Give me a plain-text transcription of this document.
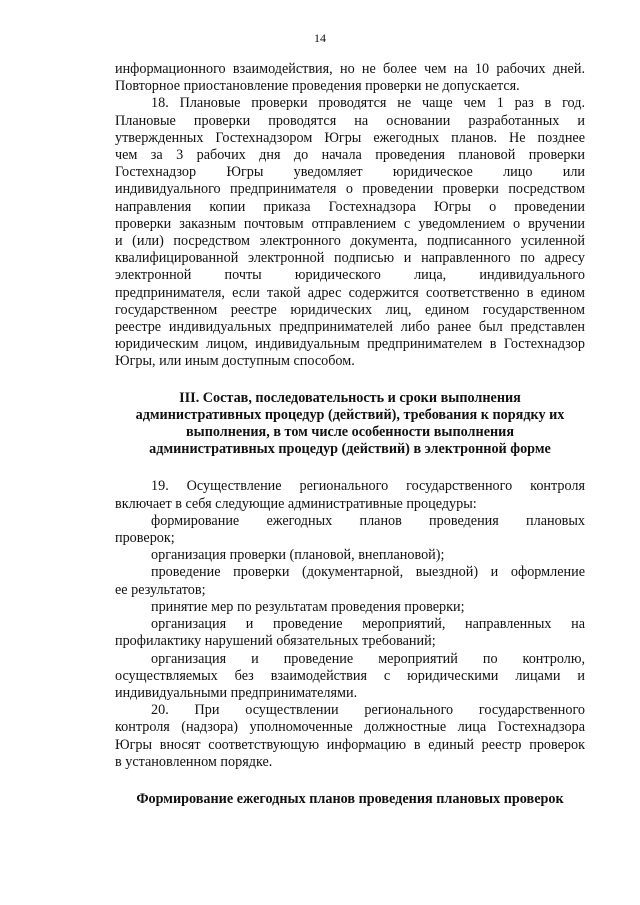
14
информационного взаимодействия, но не более чем на 10 рабочих дней.
Повторное приостановление проведения проверки не допускается.
18. Плановые проверки проводятся не чаще чем 1 раз в год.
Плановые проверки проводятся на основании разработанных и
утвержденных Гостехнадзором Югры ежегодных планов. Не позднее
чем за 3 рабочих дня до начала проведения плановой проверки
Гостехнадзор Югры уведомляет юридическое лицо или
индивидуального предпринимателя о проведении проверки посредством
направления копии приказа Гостехнадзора Югры о проведении
проверки заказным почтовым отправлением с уведомлением о вручении
и (или) посредством электронного документа, подписанного усиленной
квалифицированной электронной подписью и направленного по адресу
электронной почты юридического лица, индивидуального
предпринимателя, если такой адрес содержится соответственно в едином
государственном реестре юридических лиц, едином государственном
реестре индивидуальных предпринимателей либо ранее был представлен
юридическим лицом, индивидуальным предпринимателем в Гостехнадзор
Югры, или иным доступным способом.
III. Состав, последовательность и сроки выполнения
административных процедур (действий), требования к порядку их
выполнения, в том числе особенности выполнения
административных процедур (действий) в электронной форме
19. Осуществление регионального государственного контроля
включает в себя следующие административные процедуры:
формирование ежегодных планов проведения плановых
проверок;
организация проверки (плановой, внеплановой);
проведение проверки (документарной, выездной) и оформление
ее результатов;
принятие мер по результатам проведения проверки;
организация и проведение мероприятий, направленных на
профилактику нарушений обязательных требований;
организация и проведение мероприятий по контролю,
осуществляемых без взаимодействия с юридическими лицами и
индивидуальными предпринимателями.
20. При осуществлении регионального государственного
контроля (надзора) уполномоченные должностные лица Гостехнадзора
Югры вносят соответствующую информацию в единый реестр проверок
в установленном порядке.
Формирование ежегодных планов проведения плановых проверок
